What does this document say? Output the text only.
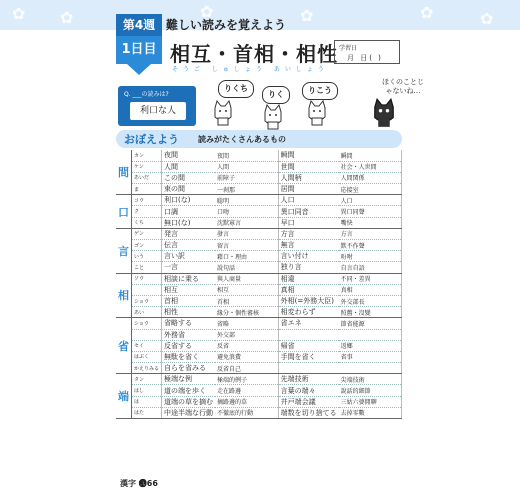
✿ ✿	✿	✿	✿	✿
第4週 難しい読みを覚えよう
1日目 相互・首相・相性
そうご しゅしょう あいしょう
学習日
月 日( )
Q. ___の読みは?
利口な人
りくち
りく	りこう
ほくのことじゃないね…
おぼえよう 読みがたくさんあるもの
間	カン	夜間	夜間	瞬間	瞬間
	ケン	人間	人間	世間	社会・人世間
	あいだ	この間	前障子	人間柄	人間関係
	ま	束の間	一刹那	居間	応接室
口	コウ	利口(な)	聡明	人口	人口
	ク	口調	口吻	異口同音	異口同聲
	くち	無口(な)	沈默寡言	早口	嘴快
言	ゲン	発言	發言	方言	方言
	ゴン	伝言	留言	無言	默不作聲
	いう	言い訳	藉口・理由	言い付け	吩咐
	こと	一言	說句話	独り言	自言自語
相	ソウ	相談に乗る	與人商量	相違	不同・差異
		相互	相互	真相	真相
	ショウ	首相	首相	外相(=外務大臣)	外交部長
	あい	相性	緣分・個性審核	相変わらず	照舊・沒變
省	ショウ	省略する	省略	省エネ	節省能源
		外務省	外交部		
	セイ	反省する	反省	帰省	返鄉
	はぶく	無駄を省く	避免浪費	手間を省く	省事
	かえりみる	自らを省みる	反省自己		
端	タン	極端な例	極端的例子	先端技術	尖端技術
	はし	道の端を歩く	走在路邊	言葉の端々	說話的細節
	は	道端の草を摘む	摘路邊的草	井戸端会議	三姑六婆閒聊
	はた	中途半端な行動	不徹底的行動	端数を切り捨てる	去掉零數
漢字 🅐66
